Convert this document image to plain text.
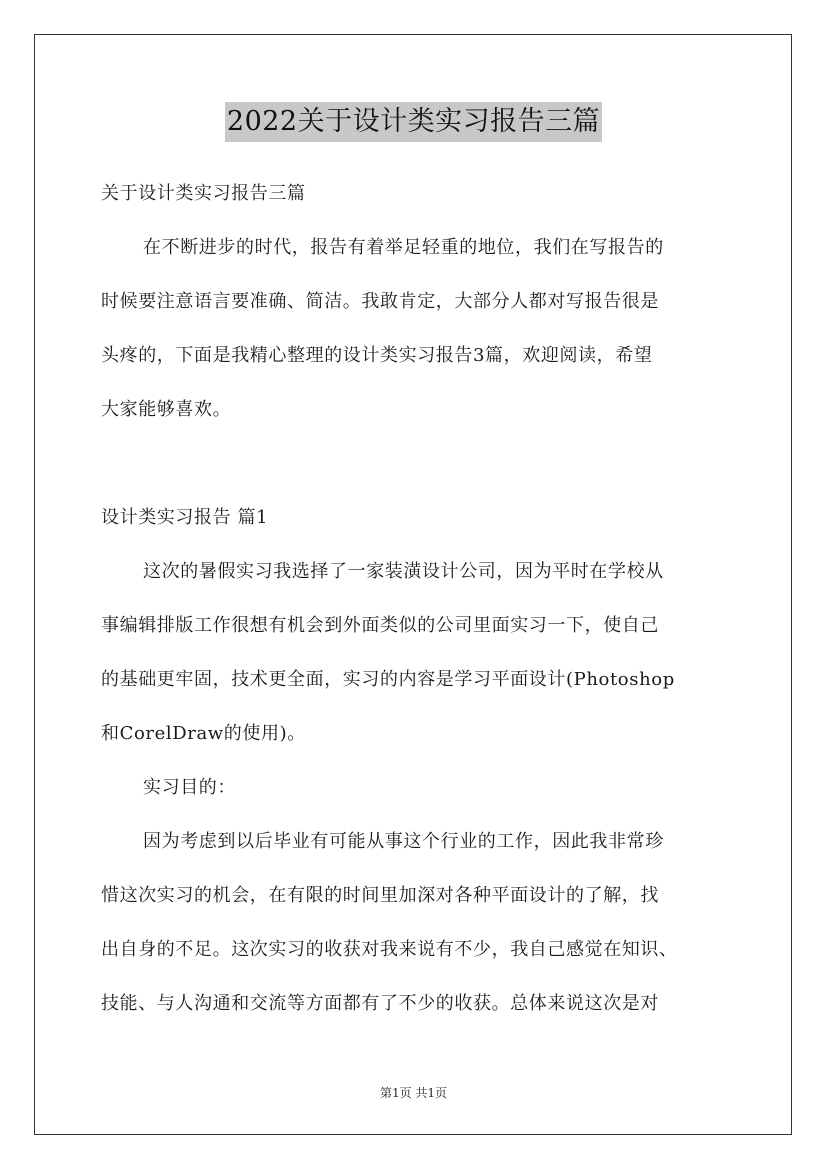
2022关于设计类实习报告三篇
关于设计类实习报告三篇
在不断进步的时代，报告有着举足轻重的地位，我们在写报告的
时候要注意语言要准确、简洁。我敢肯定，大部分人都对写报告很是
头疼的，下面是我精心整理的设计类实习报告3篇，欢迎阅读，希望
大家能够喜欢。
设计类实习报告 篇1
这次的暑假实习我选择了一家装潢设计公司，因为平时在学校从
事编辑排版工作很想有机会到外面类似的公司里面实习一下，使自己
的基础更牢固，技术更全面，实习的内容是学习平面设计(Photoshop
和CorelDraw的使用)。
实习目的：
因为考虑到以后毕业有可能从事这个行业的工作，因此我非常珍
惜这次实习的机会，在有限的时间里加深对各种平面设计的了解，找
出自身的不足。这次实习的收获对我来说有不少，我自己感觉在知识、
技能、与人沟通和交流等方面都有了不少的收获。总体来说这次是对
第1页 共1页
